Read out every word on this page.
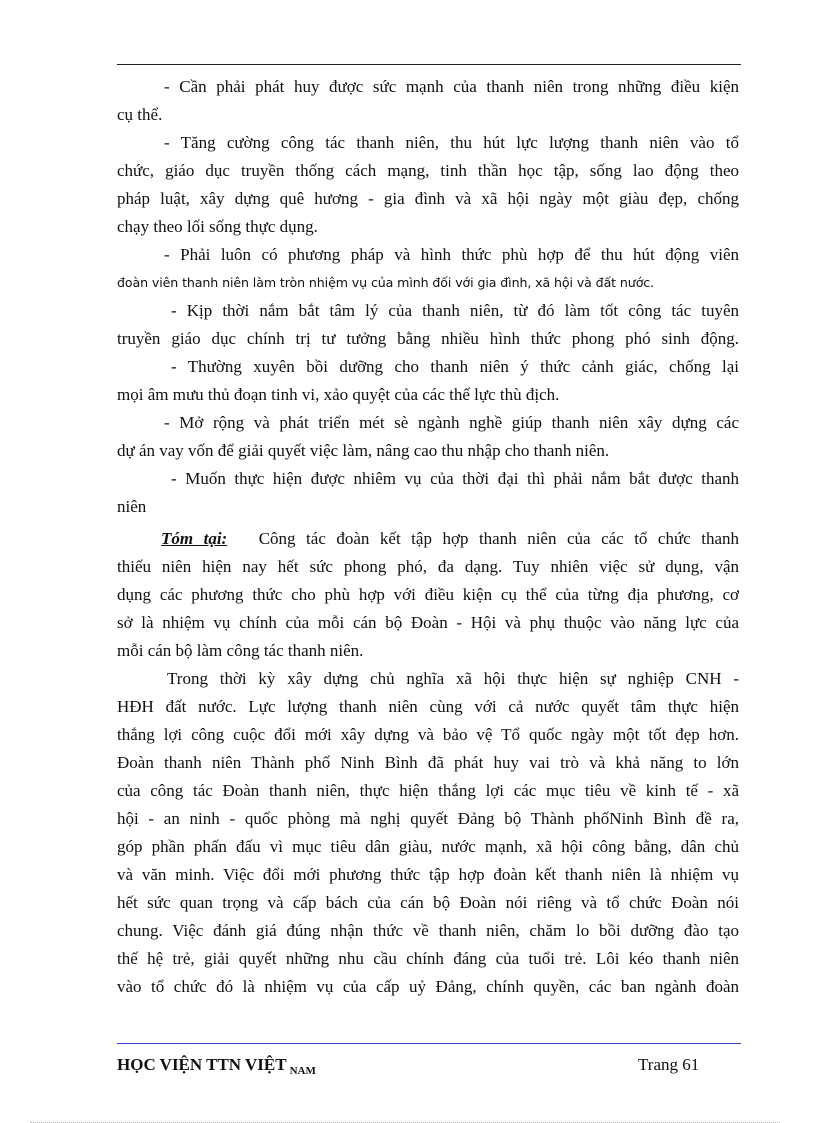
- Cần phải phát huy được sức mạnh của thanh niên trong những điều kiện
cụ thể.
- Tăng cường công tác thanh niên, thu hút lực lượng thanh niên vào tổ
chức, giáo dục truyền thống cách mạng, tinh thần học tập, sống lao động theo
pháp luật, xây dựng quê hương - gia đình và xã hội ngày một giàu đẹp, chống
chạy theo lối sống thực dụng.
- Phải luôn có phương pháp và hình thức phù hợp để thu hút động viên
đoàn viên thanh niên làm tròn nhiệm vụ của mình đối với gia đình, xã hội và đất nước.
- Kịp thời nắm bắt tâm lý của thanh niên, từ đó làm tốt công tác tuyên
truyền giáo dục chính trị tư tưởng bằng nhiều hình thức phong phó sinh động.
- Thường xuyên bồi dưỡng cho thanh niên ý thức cảnh giác, chống lại
mọi âm mưu thủ đoạn tinh vi, xảo quyệt của các thế lực thù địch.
- Mở rộng và phát triển mét sè ngành nghề giúp thanh niên xây dựng các
dự án vay vốn để giải quyết việc làm, nâng cao thu nhập cho thanh niên.
- Muốn thực hiện được nhiêm vụ của thời đại thì phải nắm bắt được thanh
niên
Tóm tại: Công tác đoàn kết tập hợp thanh niên của các tổ chức thanh
thiếu niên hiện nay hết sức phong phó, đa dạng. Tuy nhiên việc sử dụng, vận
dụng các phương thức cho phù hợp với điều kiện cụ thể của từng địa phương, cơ
sở là nhiệm vụ chính của mỗi cán bộ Đoàn - Hội và phụ thuộc vào năng lực của
mỗi cán bộ làm công tác thanh niên.
Trong thời kỳ xây dựng chủ nghĩa xã hội thực hiện sự nghiệp CNH -
HĐH đất nước. Lực lượng thanh niên cùng với cả nước quyết tâm thực hiện
thắng lợi công cuộc đổi mới xây dựng và bảo vệ Tổ quốc ngày một tốt đẹp hơn.
Đoàn thanh niên Thành phố Ninh Bình đã phát huy vai trò và khả năng to lớn
của công tác Đoàn thanh niên, thực hiện thắng lợi các mục tiêu về kinh tế - xã
hội - an ninh - quốc phòng mà nghị quyết Đảng bộ Thành phốNinh Bình đề ra,
góp phần phấn đấu vì mục tiêu dân giàu, nước mạnh, xã hội công bằng, dân chủ
và văn minh. Việc đổi mới phương thức tập hợp đoàn kết thanh niên là nhiệm vụ
hết sức quan trọng và cấp bách của cán bộ Đoàn nói riêng và tổ chức Đoàn nói
chung. Việc đánh giá đúng nhận thức về thanh niên, chăm lo bồi dưỡng đào tạo
thế hệ trẻ, giải quyết những nhu cầu chính đáng của tuổi trẻ. Lôi kéo thanh niên
vào tổ chức đó là nhiệm vụ của cấp uỷ Đảng, chính quyền, các ban ngành đoàn
HỌC VIỆN TTN VIỆT $_{NAM}$	Trang 61
